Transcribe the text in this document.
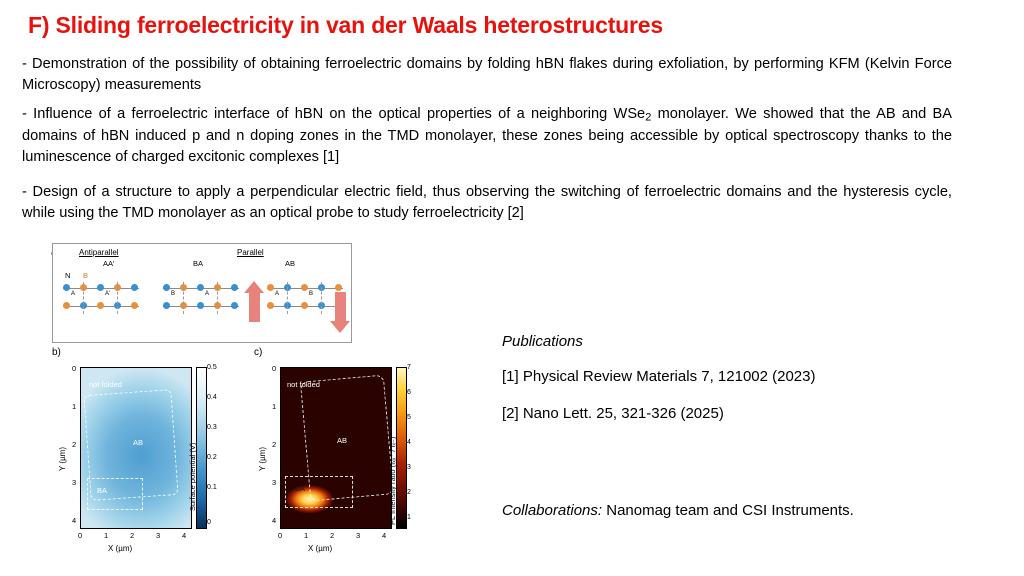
F) Sliding ferroelectricity in van der Waals heterostructures
- Demonstration of the possibility of obtaining ferroelectric domains by folding hBN flakes during exfoliation, by performing KFM (Kelvin Force Microscopy) measurements
- Influence of a ferroelectric interface of hBN on the optical properties of a neighboring WSe$_2$ monolayer. We showed that the AB and BA domains of hBN induced p and n doping zones in the TMD monolayer, these zones being accessible by optical spectroscopy thanks to the luminescence of charged excitonic complexes [1]
- Design of a structure to apply a perpendicular electric field, thus observing the switching of ferroelectric domains and the hysteresis cycle, while using the TMD monolayer as an optical probe to study ferroelectricity [2]
Antiparallel	Parallel
AA'	BA	AB
N B
A	A'	B	A	A	B
b)
not folded
AB
BA
0
1
2
3
4
0	1	2	3	4
X (µm)
Y (µm)
0.5
0.4
0.3
0.2
0.1
0
Surface potential (V)
c)
not folded
AB
BA
0
1
2
3
4
0	1	2	3	4
X (µm)
Y (µm)
7
6
5
4
3
2
1
PL Intensity ratio (Iₓₓ⁺ / Iₓ₋)
Publications
[1] Physical Review Materials 7, 121002 (2023)
[2] Nano Lett. 25, 321-326 (2025)
Collaborations: Nanomag team and CSI Instruments.
